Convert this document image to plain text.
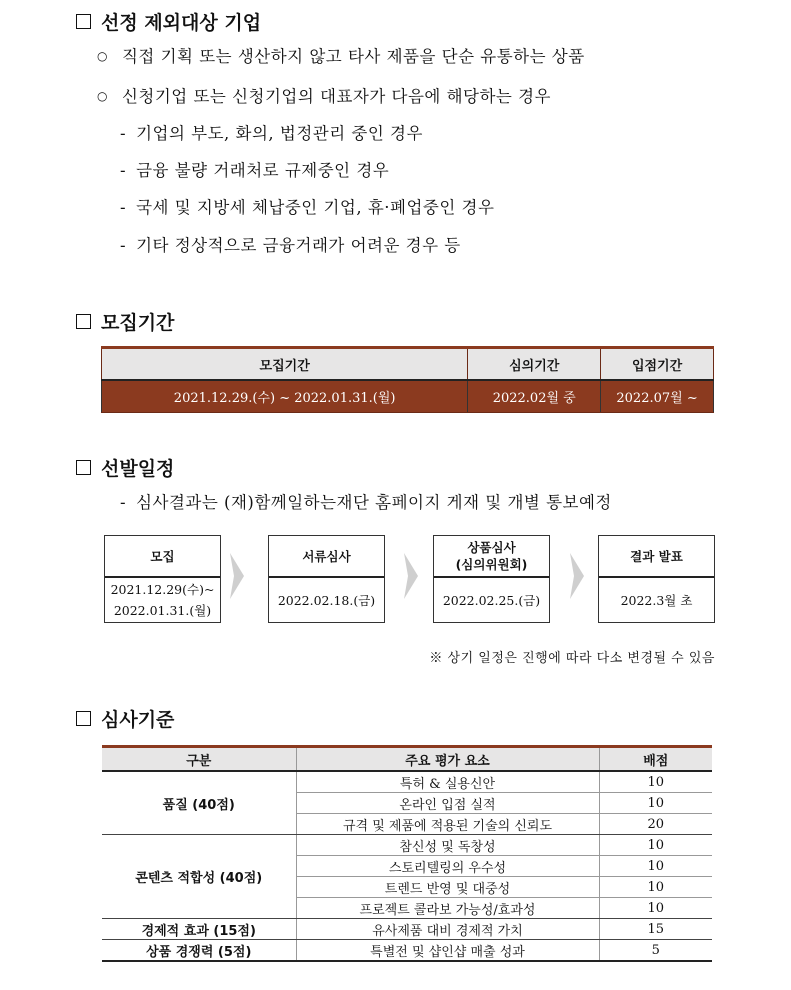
선정 제외대상 기업
○ 직접 기획 또는 생산하지 않고 타사 제품을 단순 유통하는 상품
○ 신청기업 또는 신청기업의 대표자가 다음에 해당하는 경우
- 기업의 부도, 화의, 법정관리 중인 경우
- 금융 불량 거래처로 규제중인 경우
- 국세 및 지방세 체납중인 기업, 휴·폐업중인 경우
- 기타 정상적으로 금융거래가 어려운 경우 등
모집기간
모집기간	심의기간	입점기간
2021.12.29.(수) ~ 2022.01.31.(월)	2022.02월 중	2022.07월 ~
선발일정
- 심사결과는 (재)함께일하는재단 홈페이지 게재 및 개별 통보예정
모집
2021.12.29(수)~
2022.01.31.(월)
서류심사
2022.02.18.(금)
상품심사
(심의위원회)
2022.02.25.(금)
결과 발표
2022.3월 초
※ 상기 일정은 진행에 따라 다소 변경될 수 있음
심사기준
구분	주요 평가 요소	배점
품질 (40점)	특허 & 실용신안	10
	온라인 입점 실적	10
	규격 및 제품에 적용된 기술의 신뢰도	20
콘텐츠 적합성 (40점)	참신성 및 독창성	10
	스토리텔링의 우수성	10
	트렌드 반영 및 대중성	10
	프로젝트 콜라보 가능성/효과성	10
경제적 효과 (15점)	유사제품 대비 경제적 가치	15
상품 경쟁력 (5점)	특별전 및 샵인샵 매출 성과	5
